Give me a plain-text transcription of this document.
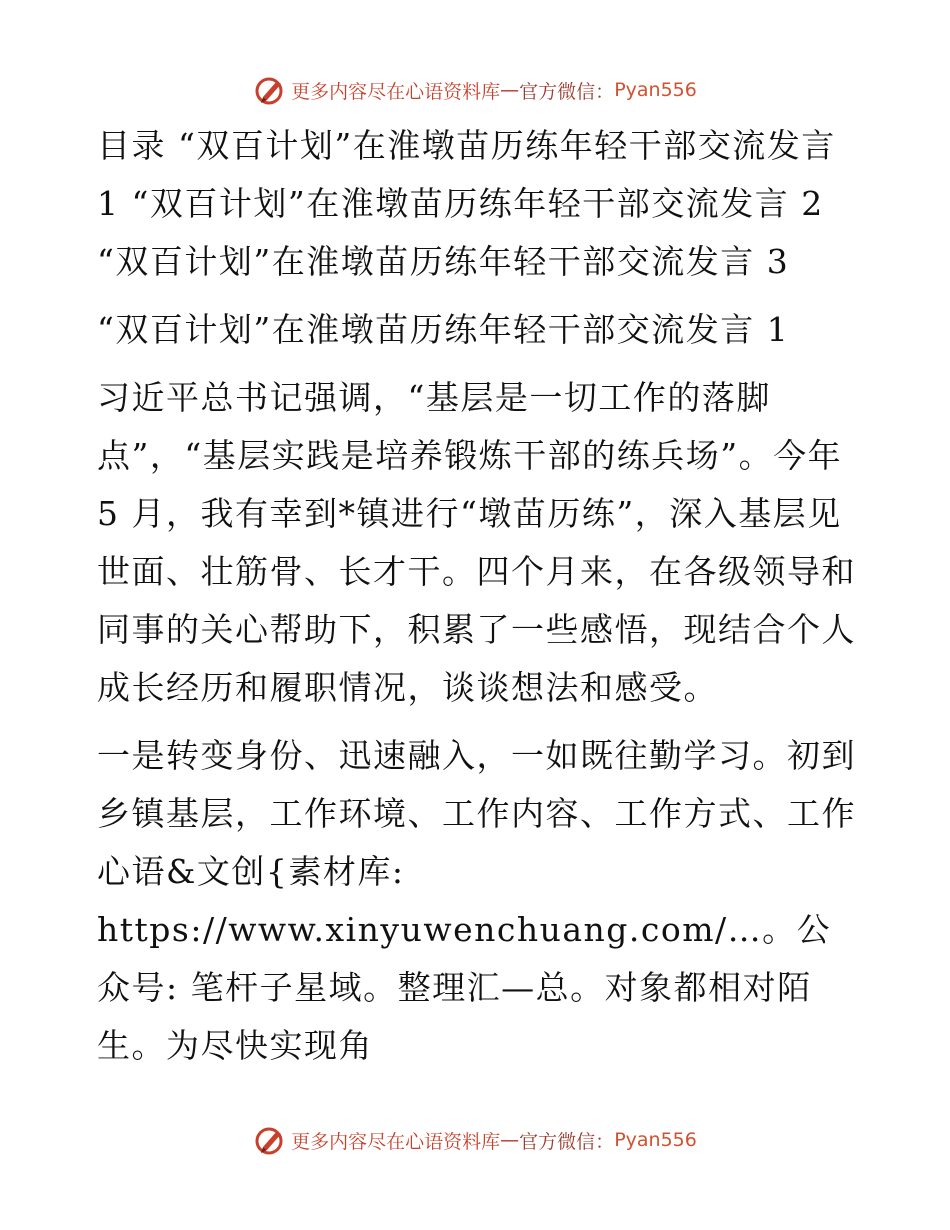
更多内容尽在心语资料库 — 官方微信： Pyan556

目录 “双百计划”在淮墩苗历练年轻干部交流发言 1 “双百计划”在淮墩苗历练年轻干部交流发言 2 “双百计划”在淮墩苗历练年轻干部交流发言 3

“双百计划”在淮墩苗历练年轻干部交流发言 1

习近平总书记强调，“基层是一切工作的落脚点”，“基层实践是培养锻炼干部的练兵场”。今年 5 月，我有幸到*镇进行“墩苗历练”，深入基层见世面、壮筋骨、长才干。四个月来，在各级领导和同事的关心帮助下，积累了一些感悟，现结合个人成长经历和履职情况，谈谈想法和感受。

一是转变身份、迅速融入，一如既往勤学习。初到乡镇基层，工作环境、工作内容、工作方式、工作心语&文创{素材库: https://www.xinyuwenchuang.com/…。公众号: 笔杆子星域。整理汇—总。对象都相对陌生。为尽快实现角

更多内容尽在心语资料库 — 官方微信： Pyan556
